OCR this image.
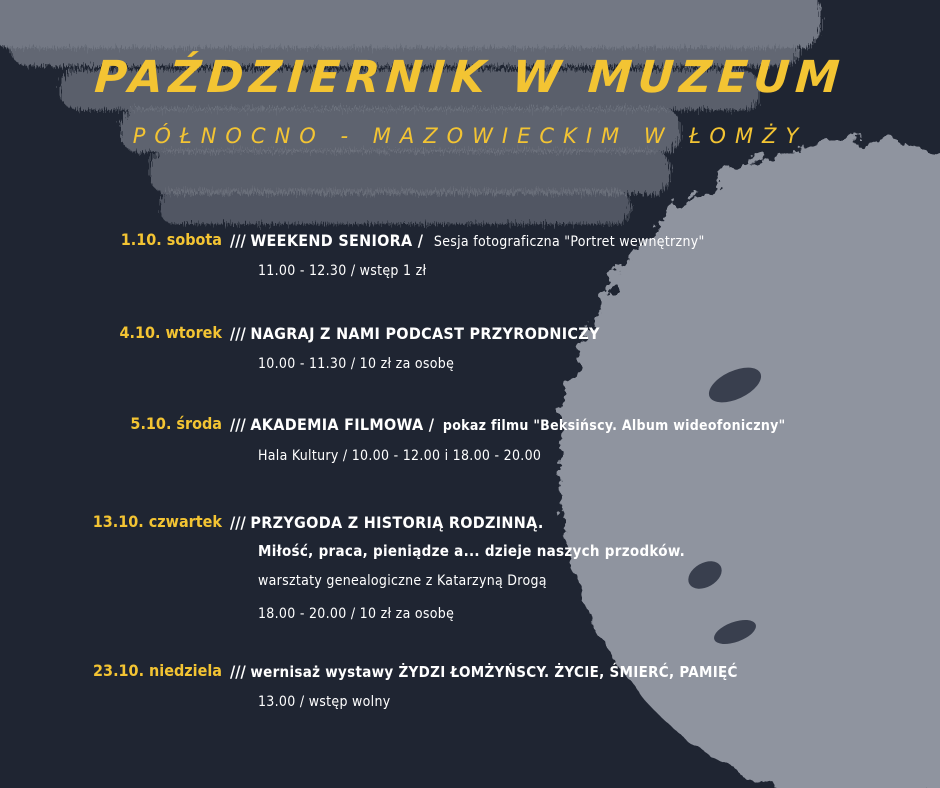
PAŹDZIERNIK W MUZEUM
PÓŁNOCNO - MAZOWIECKIM W ŁOMŻY
1.10. sobota /// WEEKEND SENIORA / Sesja fotograficzna "Portret wewnętrzny"
11.00 - 12.30 / wstęp 1 zł
4.10. wtorek /// NAGRAJ Z NAMI PODCAST PRZYRODNICZY
10.00 - 11.30 / 10 zł za osobę
5.10. środa /// AKADEMIA FILMOWA / pokaz filmu "Beksińscy. Album wideofoniczny"
Hala Kultury / 10.00 - 12.00 i 18.00 - 20.00
13.10. czwartek /// PRZYGODA Z HISTORIĄ RODZINNĄ.
Miłość, praca, pieniądze a... dzieje naszych przodków.
warsztaty genealogiczne z Katarzyną Drogą
18.00 - 20.00 / 10 zł za osobę
23.10. niedziela /// wernisaż wystawy ŻYDZI ŁOMŻYŃSCY. ŻYCIE, ŚMIERĆ, PAMIĘĆ
13.00 / wstęp wolny
